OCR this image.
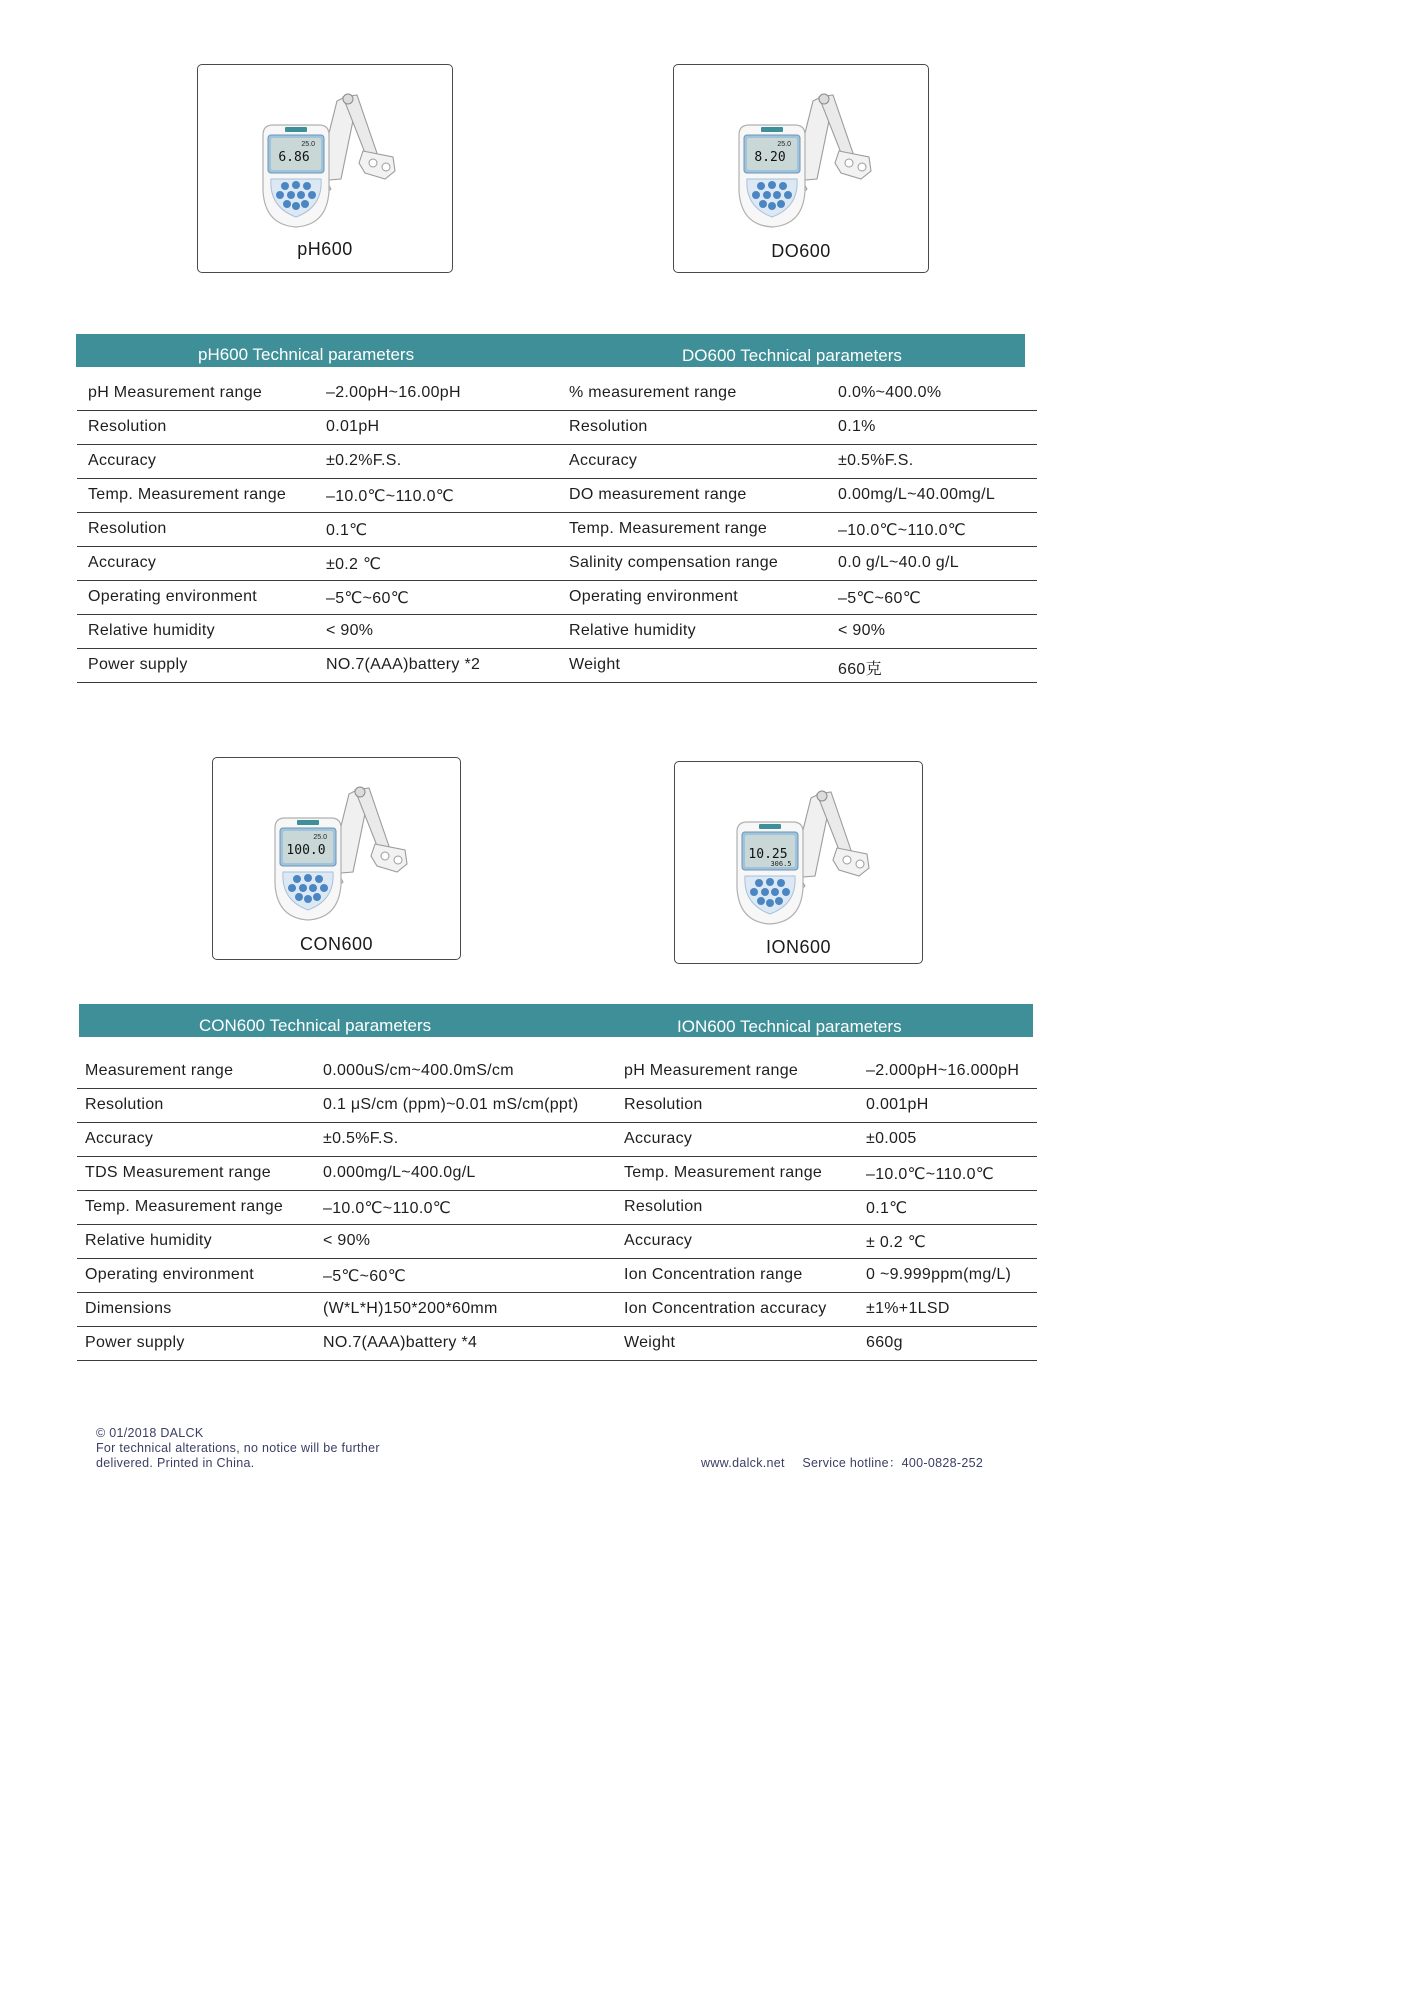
25.0
6.86
pH600
25.0
8.20
DO600
25.0
100.0
CON600
10.25
306.5
ION600
pH600 Technical parameters	DO600 Technical parameters
pH Measurement range	–2.00pH~16.00pH	% measurement range	0.0%~400.0%
Resolution	0.01pH	Resolution	0.1%
Accuracy	±0.2%F.S.	Accuracy	±0.5%F.S.
Temp. Measurement range –10.0℃~110.0℃	DO measurement range	0.00mg/L~40.00mg/L
Resolution	0.1℃	Temp. Measurement range	–10.0℃~110.0℃
Accuracy	±0.2 ℃	Salinity compensation range	0.0 g/L~40.0 g/L
Operating environment	–5℃~60℃	Operating environment	–5℃~60℃
Relative humidity	< 90%	Relative humidity	< 90%
Power supply	NO.7(AAA)battery *2	Weight	660克
CON600 Technical parameters	ION600 Technical parameters
Measurement range	0.000uS/cm~400.0mS/cm	pH Measurement range	–2.000pH~16.000pH
Resolution	0.1 μS/cm (ppm)~0.01 mS/cm(ppt)	Resolution	0.001pH
Accuracy	±0.5%F.S.	Accuracy	±0.005
TDS Measurement range	0.000mg/L~400.0g/L	Temp. Measurement range	–10.0℃~110.0℃
Temp. Measurement range –10.0℃~110.0℃	Resolution	0.1℃
Relative humidity	< 90%	Accuracy	± 0.2 ℃
Operating environment	–5℃~60℃	Ion Concentration range	0 ~9.999ppm(mg/L)
Dimensions	(W*L*H)150*200*60mm	Ion Concentration accuracy ±1%+1LSD
Power supply	NO.7(AAA)battery *4	Weight	660g
© 01/2018 DALCK
For technical alterations, no notice will be further
delivered. Printed in China.	www.dalck.net Service hotline：400-0828-252
